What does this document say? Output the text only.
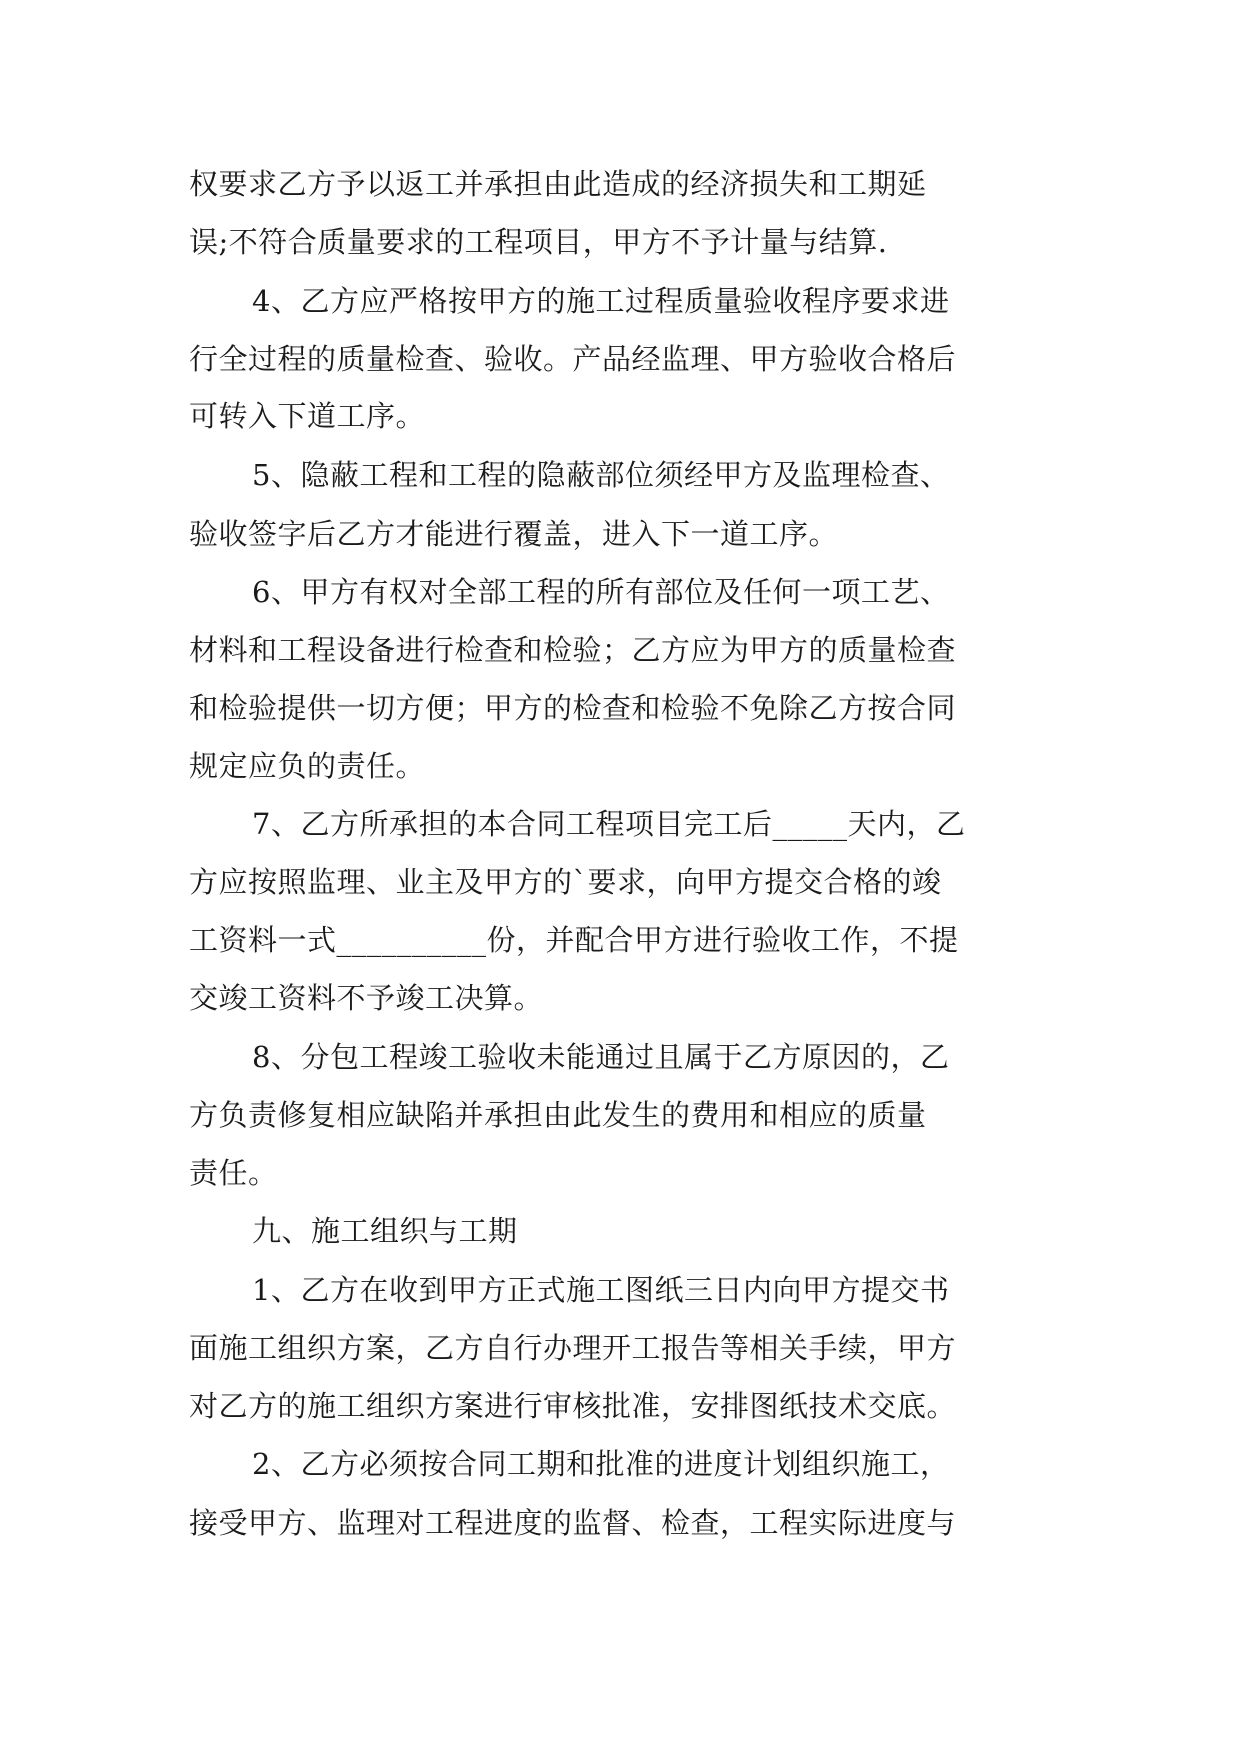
权要求乙方予以返工并承担由此造成的经济损失和工期延
误;不符合质量要求的工程项目，甲方不予计量与结算.
4、乙方应严格按甲方的施工过程质量验收程序要求进
行全过程的质量检查、验收。产品经监理、甲方验收合格后
可转入下道工序。
5、隐蔽工程和工程的隐蔽部位须经甲方及监理检查、
验收签字后乙方才能进行覆盖，进入下一道工序。
6、甲方有权对全部工程的所有部位及任何一项工艺、
材料和工程设备进行检查和检验；乙方应为甲方的质量检查
和检验提供一切方便；甲方的检查和检验不免除乙方按合同
规定应负的责任。
7、乙方所承担的本合同工程项目完工后_____天内，乙
方应按照监理、业主及甲方的`要求，向甲方提交合格的竣
工资料一式__________份，并配合甲方进行验收工作，不提
交竣工资料不予竣工决算。
8、分包工程竣工验收未能通过且属于乙方原因的，乙
方负责修复相应缺陷并承担由此发生的费用和相应的质量
责任。
九、施工组织与工期
1、乙方在收到甲方正式施工图纸三日内向甲方提交书
面施工组织方案，乙方自行办理开工报告等相关手续，甲方
对乙方的施工组织方案进行审核批准，安排图纸技术交底。
2、乙方必须按合同工期和批准的进度计划组织施工，
接受甲方、监理对工程进度的监督、检查，工程实际进度与
